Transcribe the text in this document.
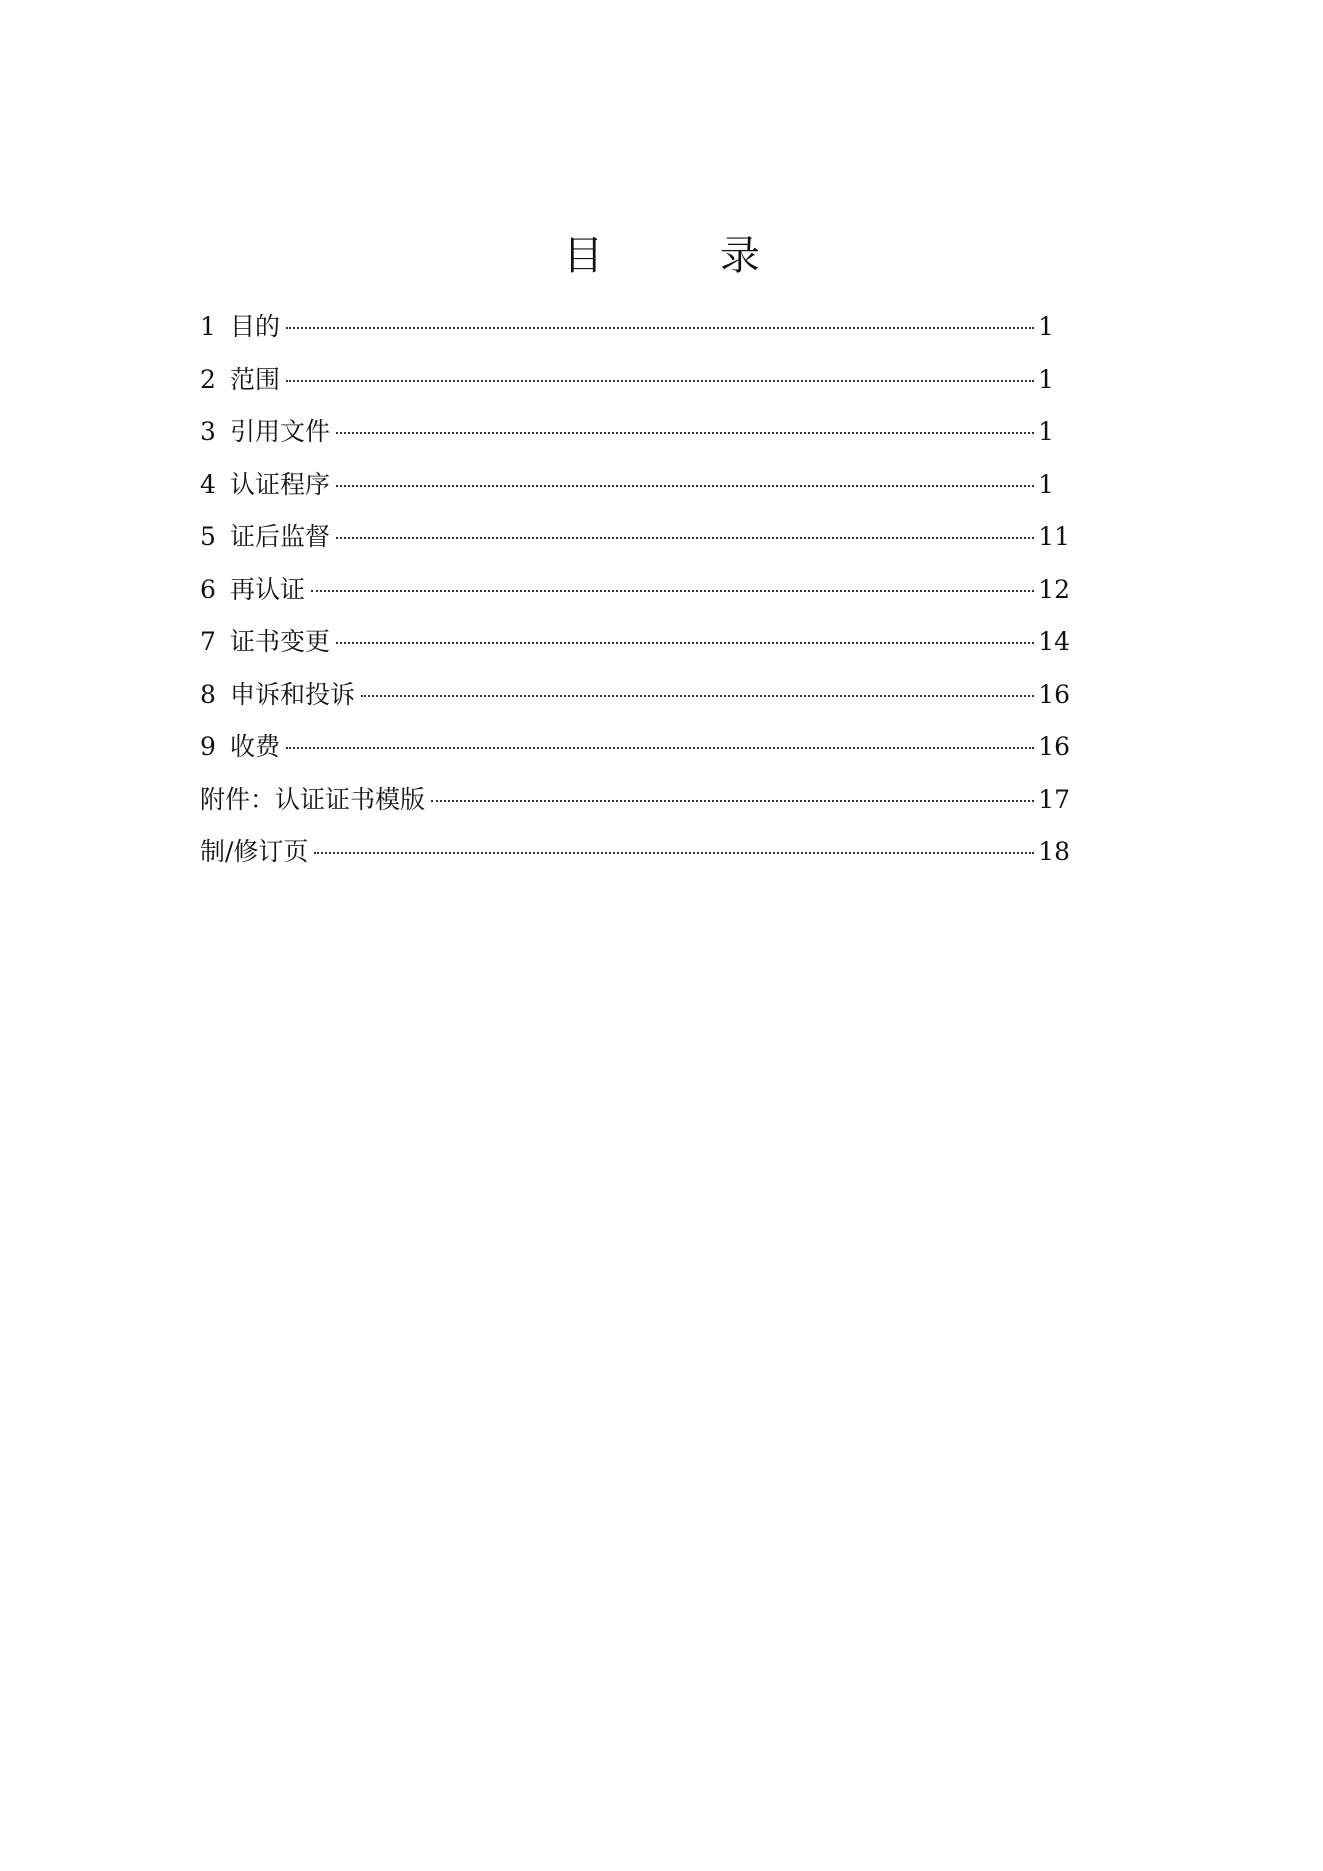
目 录
1 目的	1
2 范围	1
3 引用文件	1
4 认证程序	1
5 证后监督	11
6 再认证	12
7 证书变更	14
8 申诉和投诉	16
9 收费	16
附件：认证证书模版	17
制/修订页	18
